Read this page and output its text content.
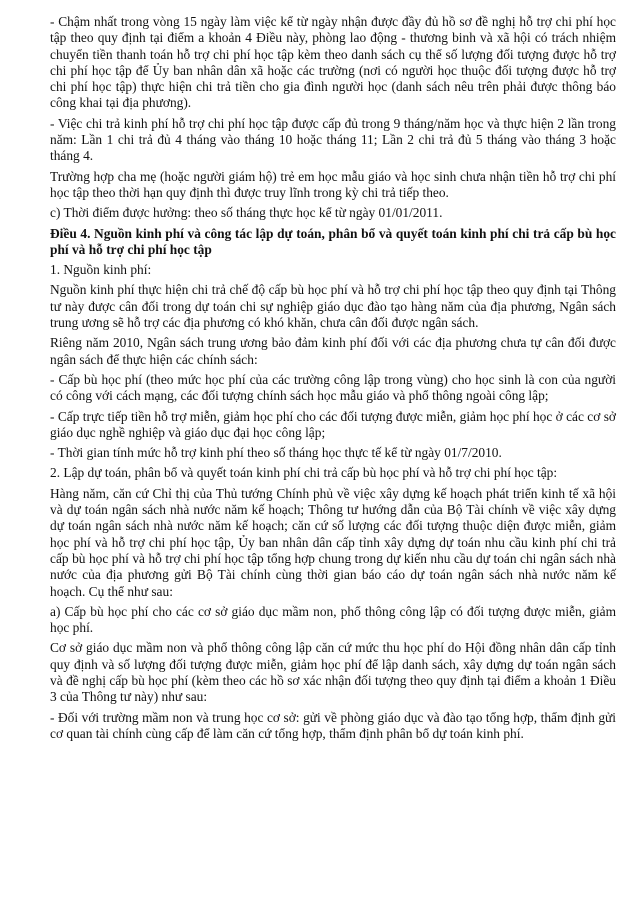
- Chậm nhất trong vòng 15 ngày làm việc kể từ ngày nhận được đầy đủ hồ sơ đề nghị hỗ trợ chi phí học tập theo quy định tại điểm a khoản 4 Điều này, phòng lao động - thương binh và xã hội có trách nhiệm chuyển tiền thanh toán hỗ trợ chi phí học tập kèm theo danh sách cụ thể số lượng đối tượng được hỗ trợ chi phí học tập để Ủy ban nhân dân xã hoặc các trường (nơi có người học thuộc đối tượng được hỗ trợ chi phí học tập) thực hiện chi trả tiền cho gia đình người học (danh sách nêu trên phải được thông báo công khai tại địa phương).

- Việc chi trả kinh phí hỗ trợ chi phí học tập được cấp đủ trong 9 tháng/năm học và thực hiện 2 lần trong năm: Lần 1 chi trả đủ 4 tháng vào tháng 10 hoặc tháng 11; Lần 2 chi trả đủ 5 tháng vào tháng 3 hoặc tháng 4.

Trường hợp cha mẹ (hoặc người giám hộ) trẻ em học mẫu giáo và học sinh chưa nhận tiền hỗ trợ chi phí học tập theo thời hạn quy định thì được truy lĩnh trong kỳ chi trả tiếp theo.

c) Thời điểm được hưởng: theo số tháng thực học kể từ ngày 01/01/2011.

Điều 4. Nguồn kinh phí và công tác lập dự toán, phân bổ và quyết toán kinh phí chi trả cấp bù học phí và hỗ trợ chi phí học tập

1. Nguồn kinh phí:

Nguồn kinh phí thực hiện chi trả chế độ cấp bù học phí và hỗ trợ chi phí học tập theo quy định tại Thông tư này được cân đối trong dự toán chi sự nghiệp giáo dục đào tạo hàng năm của địa phương, Ngân sách trung ương sẽ hỗ trợ các địa phương có khó khăn, chưa cân đối được ngân sách.

Riêng năm 2010, Ngân sách trung ương bảo đảm kinh phí đối với các địa phương chưa tự cân đối được ngân sách để thực hiện các chính sách:

- Cấp bù học phí (theo mức học phí của các trường công lập trong vùng) cho học sinh là con của người có công với cách mạng, các đối tượng chính sách học mẫu giáo và phổ thông ngoài công lập;

- Cấp trực tiếp tiền hỗ trợ miễn, giảm học phí cho các đối tượng được miễn, giảm học phí học ở các cơ sở giáo dục nghề nghiệp và giáo dục đại học công lập;

- Thời gian tính mức hỗ trợ kinh phí theo số tháng học thực tế kể từ ngày 01/7/2010.

2. Lập dự toán, phân bổ và quyết toán kinh phí chi trả cấp bù học phí và hỗ trợ chi phí học tập:

Hàng năm, căn cứ Chỉ thị của Thủ tướng Chính phủ về việc xây dựng kế hoạch phát triển kinh tế xã hội và dự toán ngân sách nhà nước năm kế hoạch; Thông tư hướng dẫn của Bộ Tài chính về việc xây dựng dự toán ngân sách nhà nước năm kế hoạch; căn cứ số lượng các đối tượng thuộc diện được miễn, giảm học phí và hỗ trợ chi phí học tập, Ủy ban nhân dân cấp tỉnh xây dựng dự toán nhu cầu kinh phí chi trả cấp bù học phí và hỗ trợ chi phí học tập tổng hợp chung trong dự kiến nhu cầu dự toán chi ngân sách nhà nước của địa phương gửi Bộ Tài chính cùng thời gian báo cáo dự toán ngân sách nhà nước năm kế hoạch. Cụ thể như sau:

a) Cấp bù học phí cho các cơ sở giáo dục mầm non, phổ thông công lập có đối tượng được miễn, giảm học phí.

Cơ sở giáo dục mầm non và phổ thông công lập căn cứ mức thu học phí do Hội đồng nhân dân cấp tỉnh quy định và số lượng đối tượng được miễn, giảm học phí để lập danh sách, xây dựng dự toán ngân sách và đề nghị cấp bù học phí (kèm theo các hồ sơ xác nhận đối tượng theo quy định tại điểm a khoản 1 Điều 3 của Thông tư này) như sau:

- Đối với trường mầm non và trung học cơ sở: gửi về phòng giáo dục và đào tạo tổng hợp, thẩm định gửi cơ quan tài chính cùng cấp để làm căn cứ tổng hợp, thẩm định phân bổ dự toán kinh phí.
